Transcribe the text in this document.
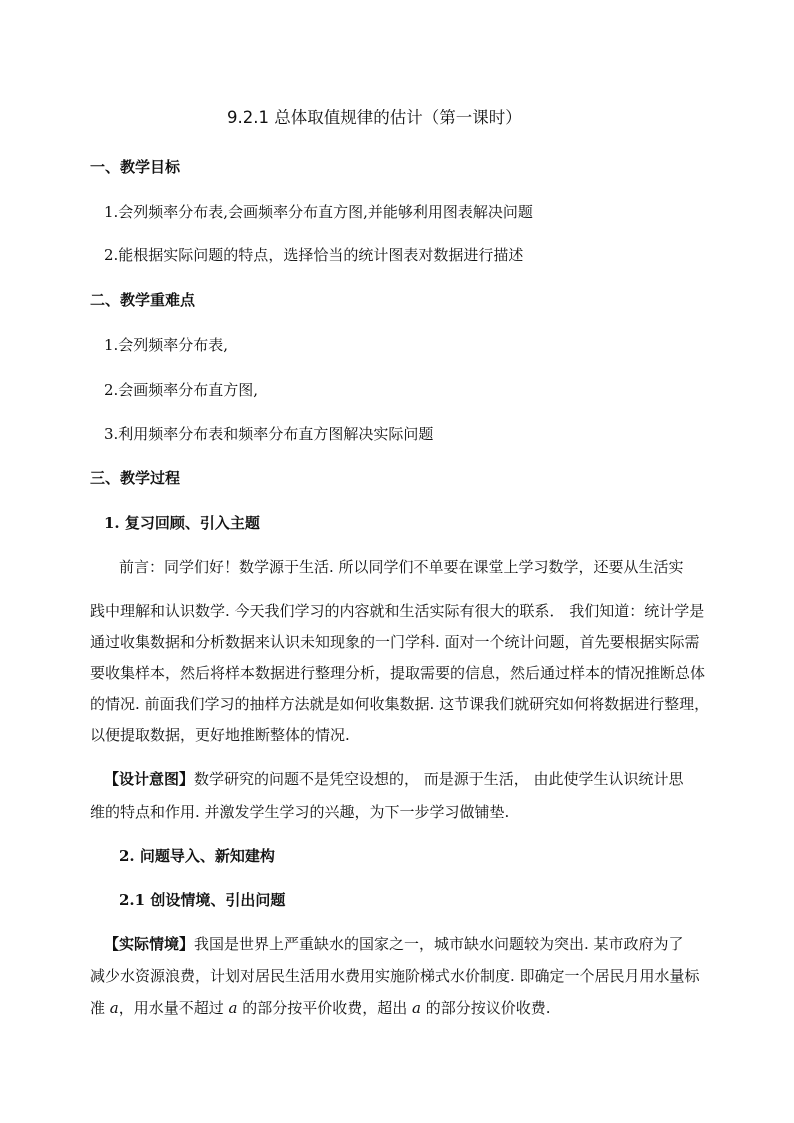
9.2.1 总体取值规律的估计（第一课时）
一、教学目标
1.会列频率分布表,会画频率分布直方图,并能够利用图表解决问题
2.能根据实际问题的特点，选择恰当的统计图表对数据进行描述
二、教学重难点
1.会列频率分布表,
2.会画频率分布直方图,
3.利用频率分布表和频率分布直方图解决实际问题
三、教学过程
1. 复习回顾、引入主题
前言：同学们好！数学源于生活. 所以同学们不单要在课堂上学习数学，还要从生活实
践中理解和认识数学. 今天我们学习的内容就和生活实际有很大的联系． 我们知道：统计学是
通过收集数据和分析数据来认识未知现象的一门学科. 面对一个统计问题，首先要根据实际需
要收集样本，然后将样本数据进行整理分析，提取需要的信息，然后通过样本的情况推断总体
的情况. 前面我们学习的抽样方法就是如何收集数据. 这节课我们就研究如何将数据进行整理，
以便提取数据，更好地推断整体的情况.
【设计意图】数学研究的问题不是凭空设想的， 而是源于生活， 由此使学生认识统计思
维的特点和作用. 并激发学生学习的兴趣，为下一步学习做铺垫.
2. 问题导入、新知建构
2.1 创设情境、引出问题
【实际情境】我国是世界上严重缺水的国家之一，城市缺水问题较为突出. 某市政府为了
减少水资源浪费，计划对居民生活用水费用实施阶梯式水价制度. 即确定一个居民月用水量标
准 a，用水量不超过 a 的部分按平价收费，超出 a 的部分按议价收费.
